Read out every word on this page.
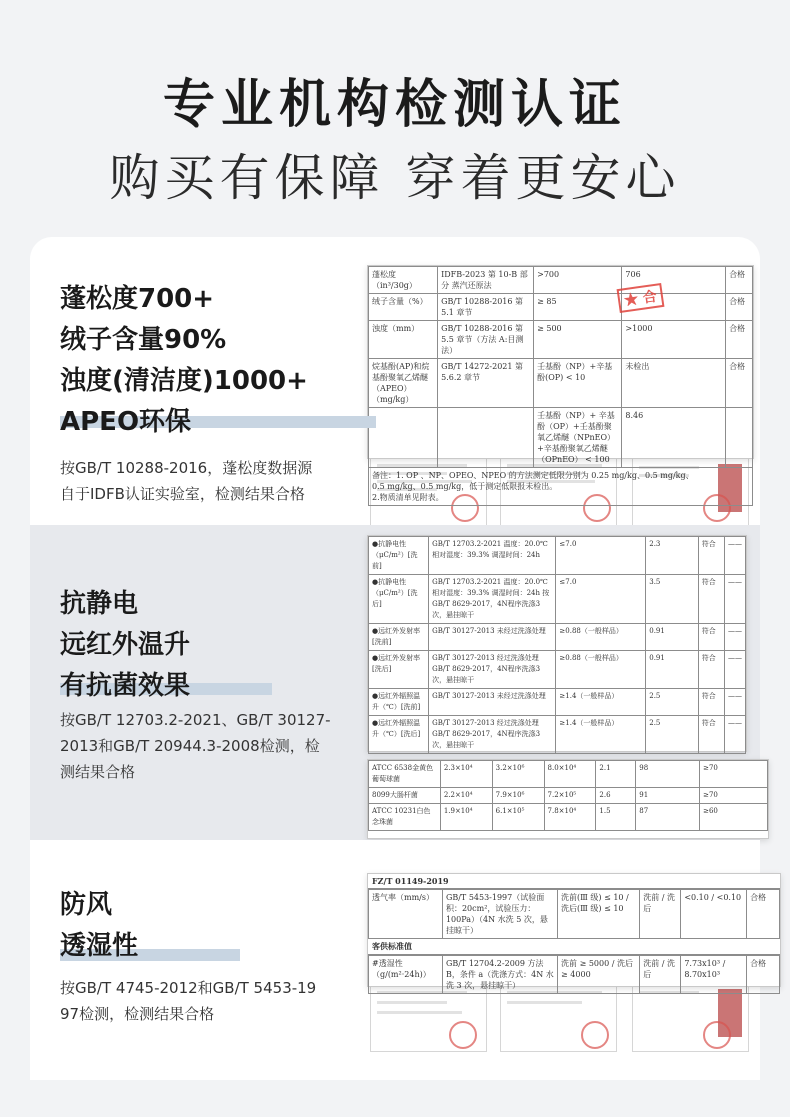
专业机构检测认证
购买有保障 穿着更安心
蓬松度700+
绒子含量90%
浊度(清洁度)1000+
APEO环保
按GB/T 10288-2016，蓬松度数据源
自于IDFB认证实验室，检测结果合格
蓬松度（in³/30g）	IDFB-2023 第 10-B 部分 蒸汽还原法	>700	706	合格
绒子含量（%）	GB/T 10288-2016 第 5.1 章节	≥ 85		合格
浊度（mm）	GB/T 10288-2016 第 5.5 章节（方法 A:目测法）	≥ 500	>1000	合格
烷基酚(AP)和烷基酚聚氧乙烯醚（APEO）（mg/kg）	GB/T 14272-2021 第 5.6.2 章节	壬基酚（NP）+辛基酚(OP) < 10	未检出	合格
		壬基酚（NP）+ 辛基酚（OP）+壬基酚聚氧乙烯醚（NPnEO）+辛基酚聚氧乙烯醚（OPnEO） < 100	8.46	

备注：1. OP 、NP、OPEO、NPEO 的方法测定低限分别为 0.25 mg/kg、0.5 mg/kg、
0.5 mg/kg、0.5 mg/kg，低于测定低限报未检出。
2.物质清单见附表。				
★ 合
抗静电
远红外温升
有抗菌效果
按GB/T 12703.2-2021、GB/T 30127-
2013和GB/T 20944.3-2008检测，检
测结果合格
●抗静电性（μC/m²）[洗前]	GB/T 12703.2-2021 温度：20.0℃ 相对湿度：39.3% 调湿时间：24h	≤7.0	2.3	符合	——
●抗静电性（μC/m²）[洗后]	GB/T 12703.2-2021 温度：20.0℃ 相对湿度：39.3% 调湿时间：24h 按GB/T 8629-2017，4N程序洗涤3次，悬挂晾干	≤7.0	3.5	符合	——
●远红外发射率[洗前]	GB/T 30127-2013 未经过洗涤处理	≥0.88（一般样品）	0.91	符合	——
●远红外发射率[洗后]	GB/T 30127-2013 经过洗涤处理 GB/T 8629-2017，4N程序洗涤3次，悬挂晾干	≥0.88（一般样品）	0.91	符合	——
●远红外辐照温升（℃）[洗前]	GB/T 30127-2013 未经过洗涤处理	≥1.4（一般样品）	2.5	符合	——
●远红外辐照温升（℃）[洗后]	GB/T 30127-2013 经过洗涤处理 GB/T 8629-2017，4N程序洗涤3次，悬挂晾干	≥1.4（一般样品）	2.5	符合	——
ATCC 6538金黄色葡萄球菌	2.3×10⁴	3.2×10⁶	8.0×10⁴	2.1	98	≥70
8099大肠杆菌	2.2×10⁴	7.9×10⁶	7.2×10⁵	2.6	91	≥70
ATCC 10231白色念珠菌	1.9×10⁴	6.1×10⁵	7.8×10⁴	1.5	87	≥60
防风
透湿性
按GB/T 4745-2012和GB/T 5453-19
97检测，检测结果合格
FZ/T 01149-2019
透气率（mm/s）	GB/T 5453-1997（试验面积：20cm²，试验压力：100Pa）（4N 水洗 5 次，悬挂晾干）	洗前(Ⅲ 级) ≤ 10 / 洗后(Ⅲ 级) ≤ 10	洗前 / 洗后	<0.10 / <0.10	合格
客供标准值
#透湿性（g/(m²·24h)）	GB/T 12704.2-2009 方法 B，条件 a（洗涤方式：4N 水洗 3 次，悬挂晾干）	洗前 ≥ 5000 / 洗后 ≥ 4000	洗前 / 洗后	7.73x10³ / 8.70x10³	合格
